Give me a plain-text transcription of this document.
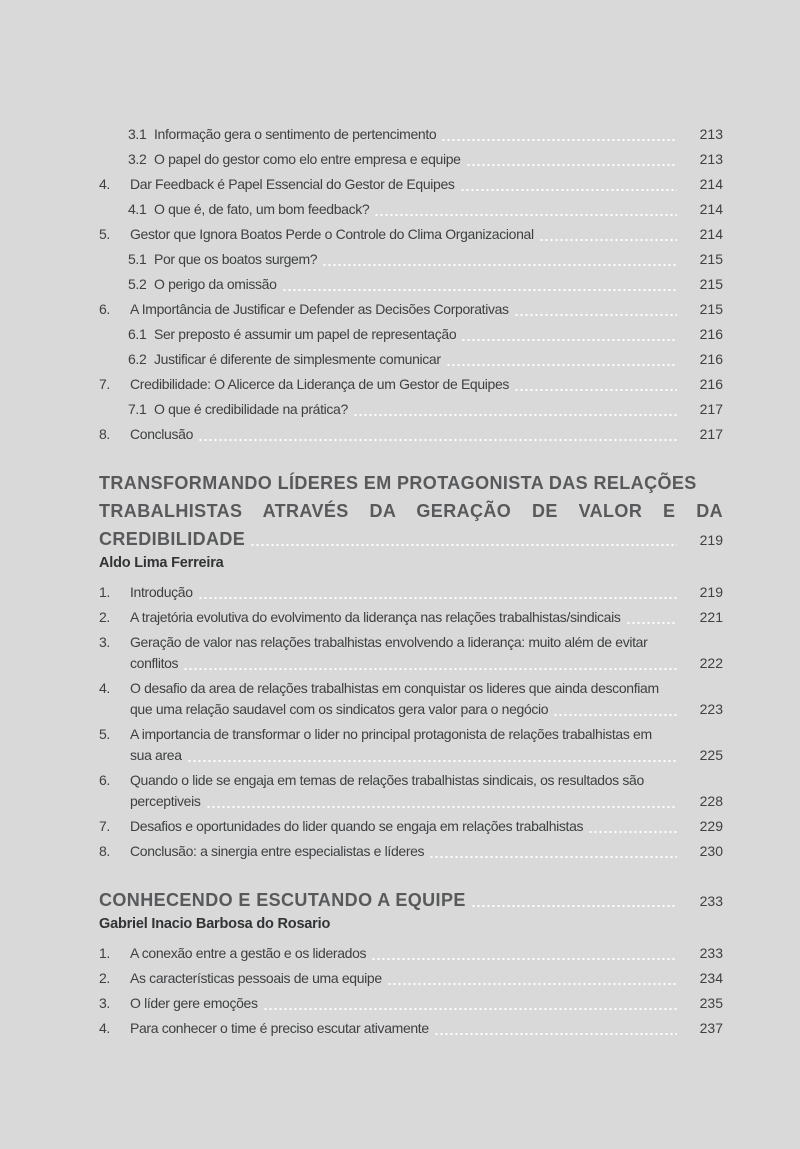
3.1 Informação gera o sentimento de pertencimento	213
3.2 O papel do gestor como elo entre empresa e equipe	213
4.	Dar Feedback é Papel Essencial do Gestor de Equipes	214
4.1 O que é, de fato, um bom feedback?	214
5.	Gestor que Ignora Boatos Perde o Controle do Clima Organizacional	214
5.1 Por que os boatos surgem?	215
5.2 O perigo da omissão	215
6.	A Importância de Justificar e Defender as Decisões Corporativas	215
6.1 Ser preposto é assumir um papel de representação	216
6.2 Justificar é diferente de simplesmente comunicar	216
7.	Credibilidade: O Alicerce da Liderança de um Gestor de Equipes	216
7.1 O que é credibilidade na prática?	217
8.	Conclusão	217
TRANSFORMANDO LÍDERES EM PROTAGONISTA DAS RELAÇÕES
TRABALHISTAS ATRAVÉS DA GERAÇÃO DE VALOR E DA
CREDIBILIDADE	219
Aldo Lima Ferreira
1.	Introdução	219
2.	A trajetória evolutiva do evolvimento da liderança nas relações trabalhistas/sindicais	221
3.	Geração de valor nas relações trabalhistas envolvendo a liderança: muito além de evitar
conflitos	222
4.	O desafio da area de relações trabalhistas em conquistar os lideres que ainda desconfiam
que uma relação saudavel com os sindicatos gera valor para o negócio	223
5.	A importancia de transformar o lider no principal protagonista de relações trabalhistas em
sua area	225
6.	Quando o lide se engaja em temas de relações trabalhistas sindicais, os resultados são
perceptiveis	228
7.	Desafios e oportunidades do lider quando se engaja em relações trabalhistas	229
8.	Conclusão: a sinergia entre especialistas e líderes	230
CONHECENDO E ESCUTANDO A EQUIPE	233
Gabriel Inacio Barbosa do Rosario
1.	A conexão entre a gestão e os liderados	233
2.	As características pessoais de uma equipe	234
3.	O líder gere emoções	235
4.	Para conhecer o time é preciso escutar ativamente	237
